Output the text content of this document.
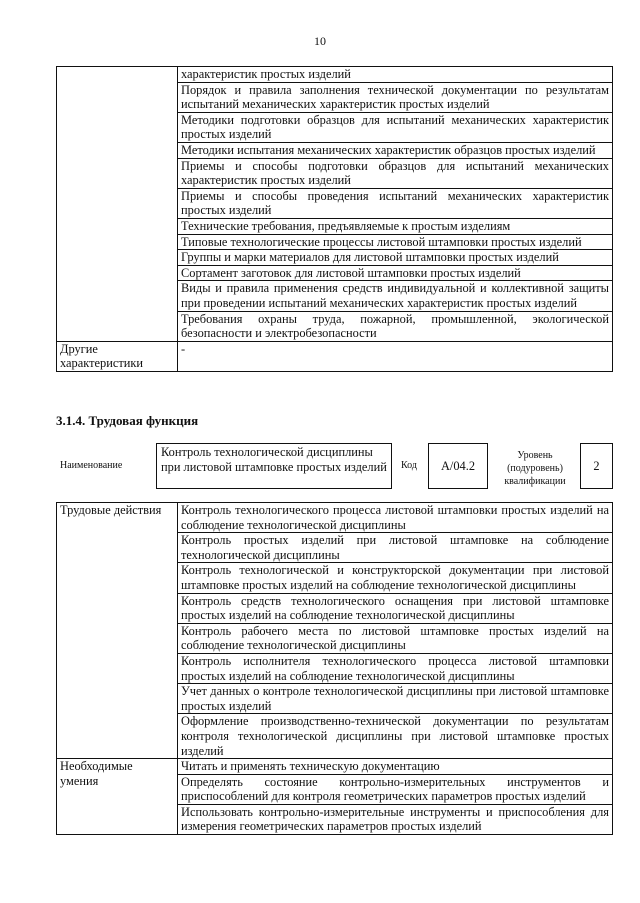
10
	характеристик простых изделий
	Порядок и правила заполнения технической документации по результатам испытаний механических характеристик простых изделий
	Методики подготовки образцов для испытаний механических характеристик простых изделий
	Методики испытания механических характеристик образцов простых изделий
	Приемы и способы подготовки образцов для испытаний механических характеристик простых изделий
	Приемы и способы проведения испытаний механических характеристик простых изделий
	Технические требования, предъявляемые к простым изделиям
	Типовые технологические процессы листовой штамповки простых изделий
	Группы и марки материалов для листовой штамповки простых изделий
	Сортамент заготовок для листовой штамповки простых изделий
	Виды и правила применения средств индивидуальной и коллективной защиты при проведении испытаний механических характеристик простых изделий
	Требования охраны труда, пожарной, промышленной, экологической безопасности и электробезопасности
Другие характеристики	-
3.1.4. Трудовая функция
Наименование
Контроль технологической дисциплины при листовой штамповке простых изделий	Код	A/04.2
Уровень (подуровень) квалификации
2
Трудовые действия	Контроль технологического процесса листовой штамповки простых изделий на соблюдение технологической дисциплины
	Контроль простых изделий при листовой штамповке на соблюдение технологической дисциплины
	Контроль технологической и конструкторской документации при листовой штамповке простых изделий на соблюдение технологической дисциплины
	Контроль средств технологического оснащения при листовой штамповке простых изделий на соблюдение технологической дисциплины
	Контроль рабочего места по листовой штамповке простых изделий на соблюдение технологической дисциплины
	Контроль исполнителя технологического процесса листовой штамповки простых изделий на соблюдение технологической дисциплины
	Учет данных о контроле технологической дисциплины при листовой штамповке простых изделий
	Оформление производственно-технической документации по результатам контроля технологической дисциплины при листовой штамповке простых изделий
Необходимые умения	Читать и применять техническую документацию
	Определять состояние контрольно-измерительных инструментов и приспособлений для контроля геометрических параметров простых изделий
	Использовать контрольно-измерительные инструменты и приспособления для измерения геометрических параметров простых изделий
